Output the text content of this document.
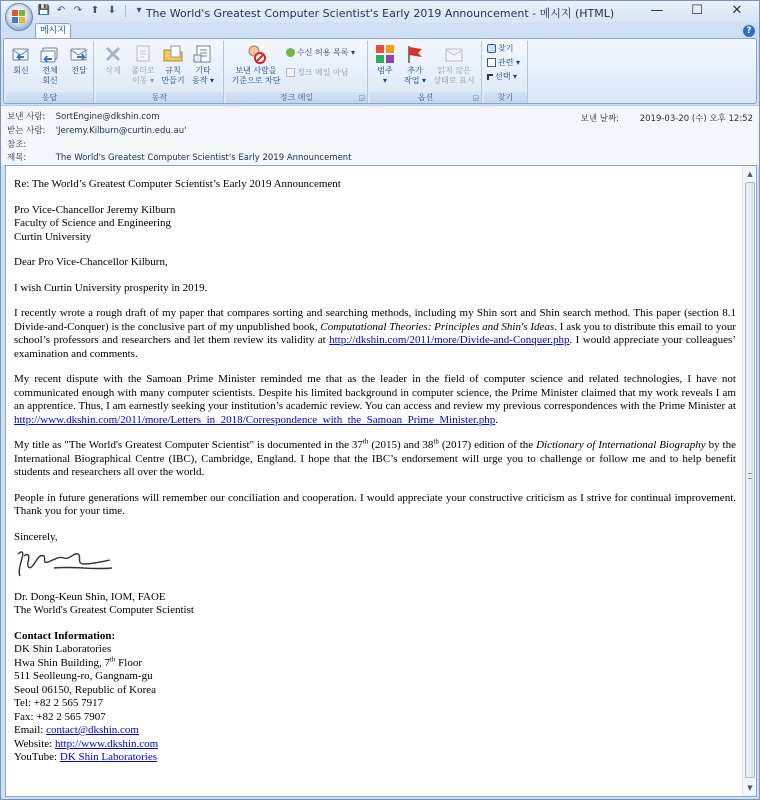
💾 ↶ ↷ ⬆ ⬇	▾ The World's Greatest Computer Scientist's Early 2019 Announcement - 메시지 (HTML)	—	☐	✕
메시지	?
회신	전체
회신
전달
응답
삭제	폴더로
이동 ▾
규칙
만들기
기타
동작 ▾
동작
보낸 사람을
기준으로 차단
수신 허용 목록 ▾
정크 메일 아님
정크 메일	◲
범주
▾
추가
작업 ▾
읽지 않은
상태로 표시
옵션	◲
찾기
관련 ▾
선택 ▾
찾기
보낸 사람: SortEngine@dkshin.com
받는 사람: 'Jeremy.Kilburn@curtin.edu.au'
참조:
제목:	The World's Greatest Computer Scientist's Early 2019 Announcement
보낸 날짜: 2019-03-20 (수) 오후 12:52

Re: The World’s Greatest Computer Scientist’s Early 2019 Announcement

Pro Vice-Chancellor Jeremy Kilburn
Faculty of Science and Engineering
Curtin University

Dear Pro Vice-Chancellor Kilburn,

I wish Curtin University prosperity in 2019.

I recently wrote a rough draft of my paper that compares sorting and searching methods, including my Shin sort and Shin search method. This paper (section 8.1 Divide-and-Conquer) is the conclusive part of my unpublished book, Computational Theories: Principles and Shin's Ideas. I ask you to distribute this email to your school’s professors and researchers and let them review its validity at http://dkshin.com/2011/more/Divide-and-Conquer.php. I would appreciate your colleagues’ examination and comments.

My recent dispute with the Samoan Prime Minister reminded me that as the leader in the field of computer science and related technologies, I have not communicated enough with many computer scientists. Despite his limited background in computer science, the Prime Minister claimed that my work reveals I am an apprentice. Thus, I am earnestly seeking your institution’s academic review. You can access and review my previous correspondences with the Prime Minister at http://www.dkshin.com/2011/more/Letters_in_2018/Correspondence_with_the_Samoan_Prime_Minister.php.

My title as "The World's Greatest Computer Scientist" is documented in the 37th (2015) and 38th (2017) edition of the Dictionary of International Biography by the International Biographical Centre (IBC), Cambridge, England. I hope that the IBC’s endorsement will urge you to challenge or follow me and to help benefit students and researchers all over the world.

People in future generations will remember our conciliation and cooperation. I would appreciate your constructive criticism as I strive for continual improvement. Thank you for your time.

Sincerely,

Dr. Dong-Keun Shin, IOM, FAOE
The World's Greatest Computer Scientist

Contact Information:
DK Shin Laboratories
Hwa Shin Building, 7th Floor
511 Seolleung-ro, Gangnam-gu
Seoul 06150, Republic of Korea
Tel: +82 2 565 7917
Fax: +82 2 565 7907
Email: contact@dkshin.com
Website: http://www.dkshin.com
YouTube: DK Shin Laboratories

▲
▼
